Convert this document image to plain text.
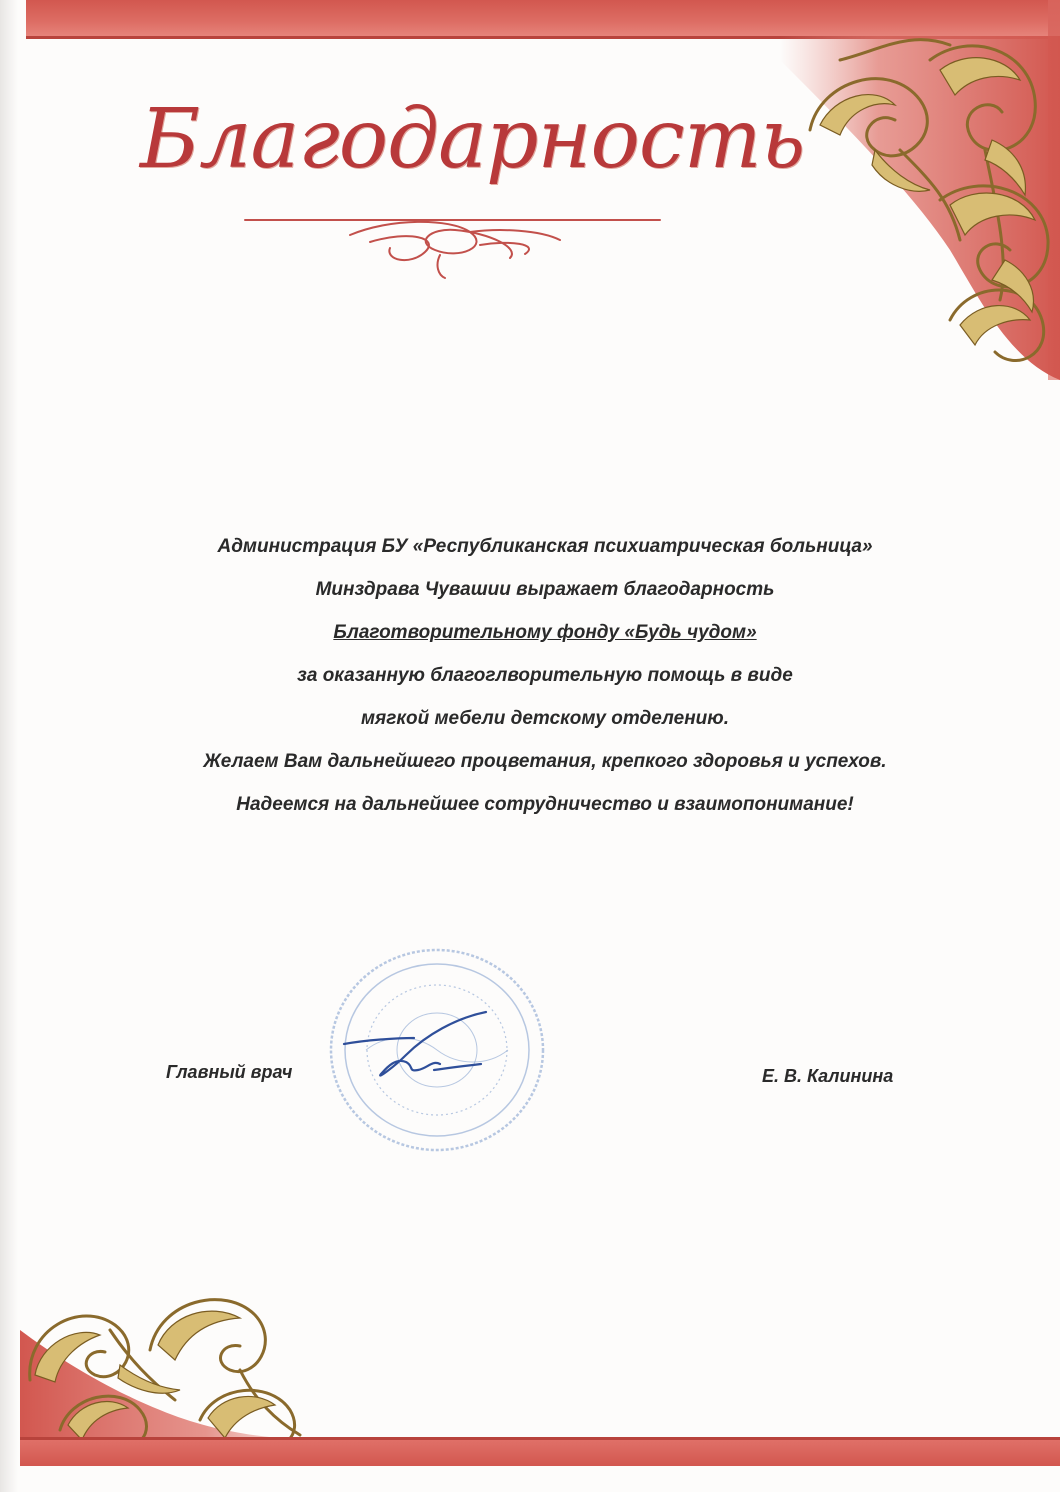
Благодарность
Администрация БУ «Республиканская психиатрическая больница»
Минздрава Чувашии выражает благодарность
Благотворительному фонду «Будь чудом»
за оказанную благоглворительную помощь в виде
мягкой мебели детскому отделению.
Желаем Вам дальнейшего процветания, крепкого здоровья и успехов.
Надеемся на дальнейшее сотрудничество и взаимопонимание!
Главный врач	Е. В. Калинина
